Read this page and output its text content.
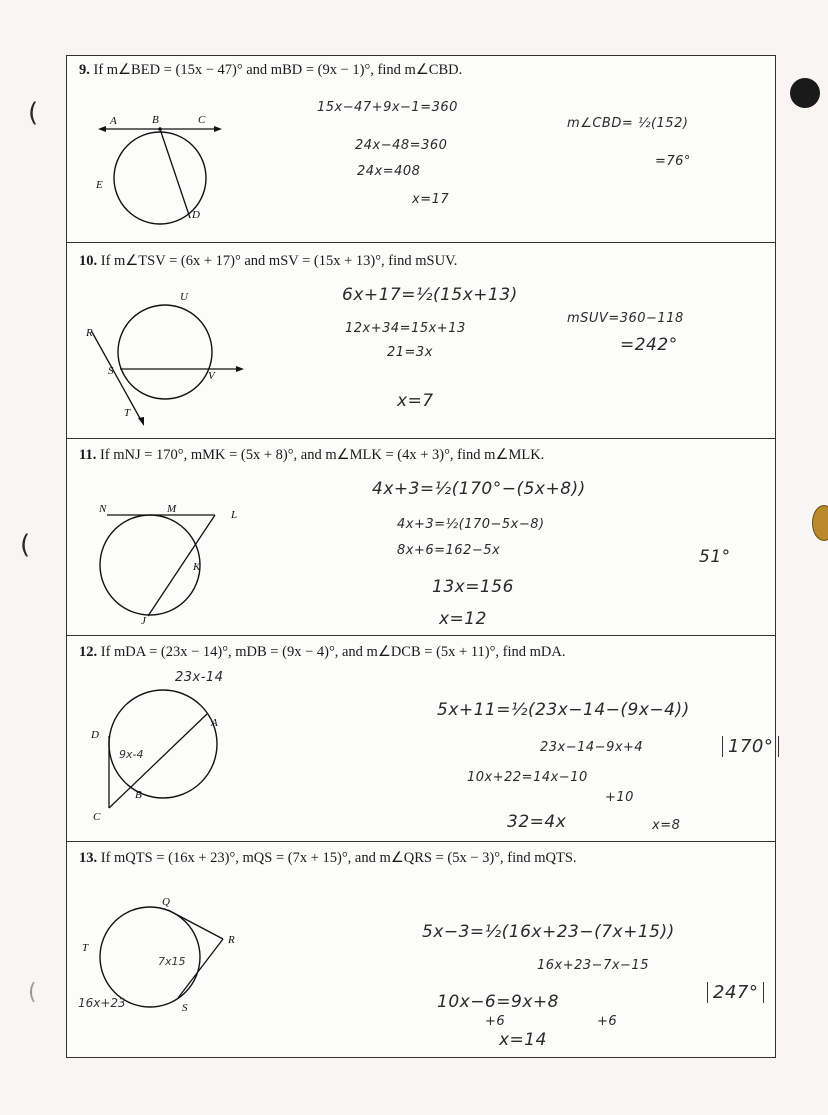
(
(
(
9. If m∠BED = (15x − 47)° and mBD = (9x − 1)°, find m∠CBD.
15x−47+9x−1=360
24x−48=360
24x=408
x=17
m∠CBD= ½(152)
=76°
A	B	C
E
D
10. If m∠TSV = (6x + 17)° and mSV = (15x + 13)°, find mSUV.
6x+17=½(15x+13)
12x+34=15x+13
21=3x
x=7
mSUV=360−118
=242°
U
R
S	V
T
11. If mNJ = 170°, mMK = (5x + 8)°, and m∠MLK = (4x + 3)°, find m∠MLK.
4x+3=½(170°−(5x+8))
4x+3=½(170−5x−8)
8x+6=162−5x
13x=156
x=12
51°
N	M	L
K
J
12. If mDA = (23x − 14)°, mDB = (9x − 4)°, and m∠DCB = (5x + 11)°, find mDA.
23x-14
5x+11=½(23x−14−(9x−4))
23x−14−9x+4
10x+22=14x−10
+10
32=4x	x=8
170°
D
A
B
C
9x-4
13. If mQTS = (16x + 23)°, mQS = (7x + 15)°, and m∠QRS = (5x − 3)°, find mQTS.
5x−3=½(16x+23−(7x+15))
16x+23−7x−15
10x−6=9x+8
+6	+6
x=14
247°
Q
T
R
S
7x15
16x+23
